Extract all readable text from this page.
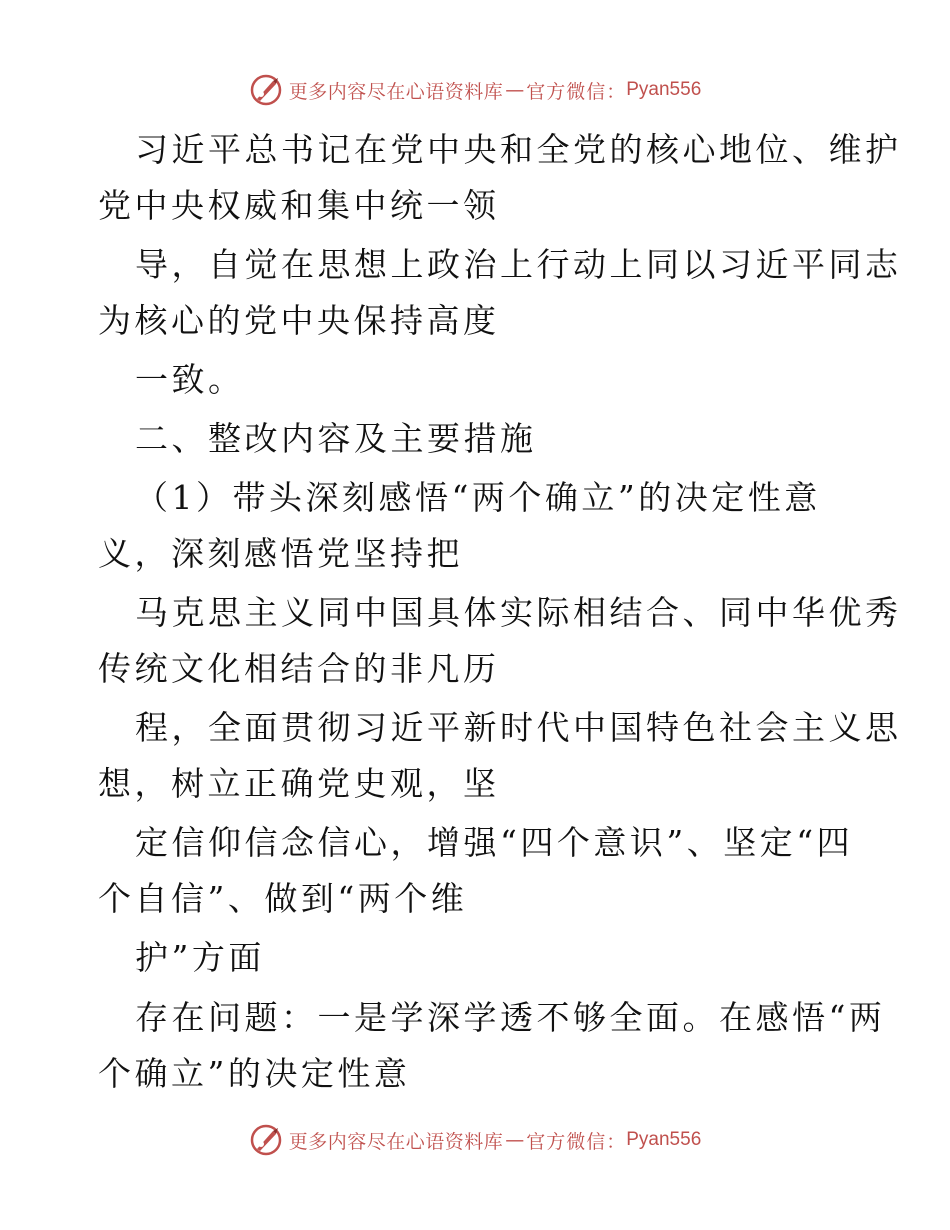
更多内容尽在心语资料库 — 官方微信： Pyan556
习近平总书记在党中央和全党的核心地位、维护
党中央权威和集中统一领
导，自觉在思想上政治上行动上同以习近平同志
为核心的党中央保持高度
一致。
二、整改内容及主要措施
（1）带头深刻感悟“两个确立”的决定性意
义，深刻感悟党坚持把
马克思主义同中国具体实际相结合、同中华优秀
传统文化相结合的非凡历
程，全面贯彻习近平新时代中国特色社会主义思
想，树立正确党史观，坚
定信仰信念信心，增强“四个意识”、坚定“四
个自信”、做到“两个维
护”方面
存在问题：一是学深学透不够全面。在感悟“两
个确立”的决定性意
更多内容尽在心语资料库 — 官方微信： Pyan556
